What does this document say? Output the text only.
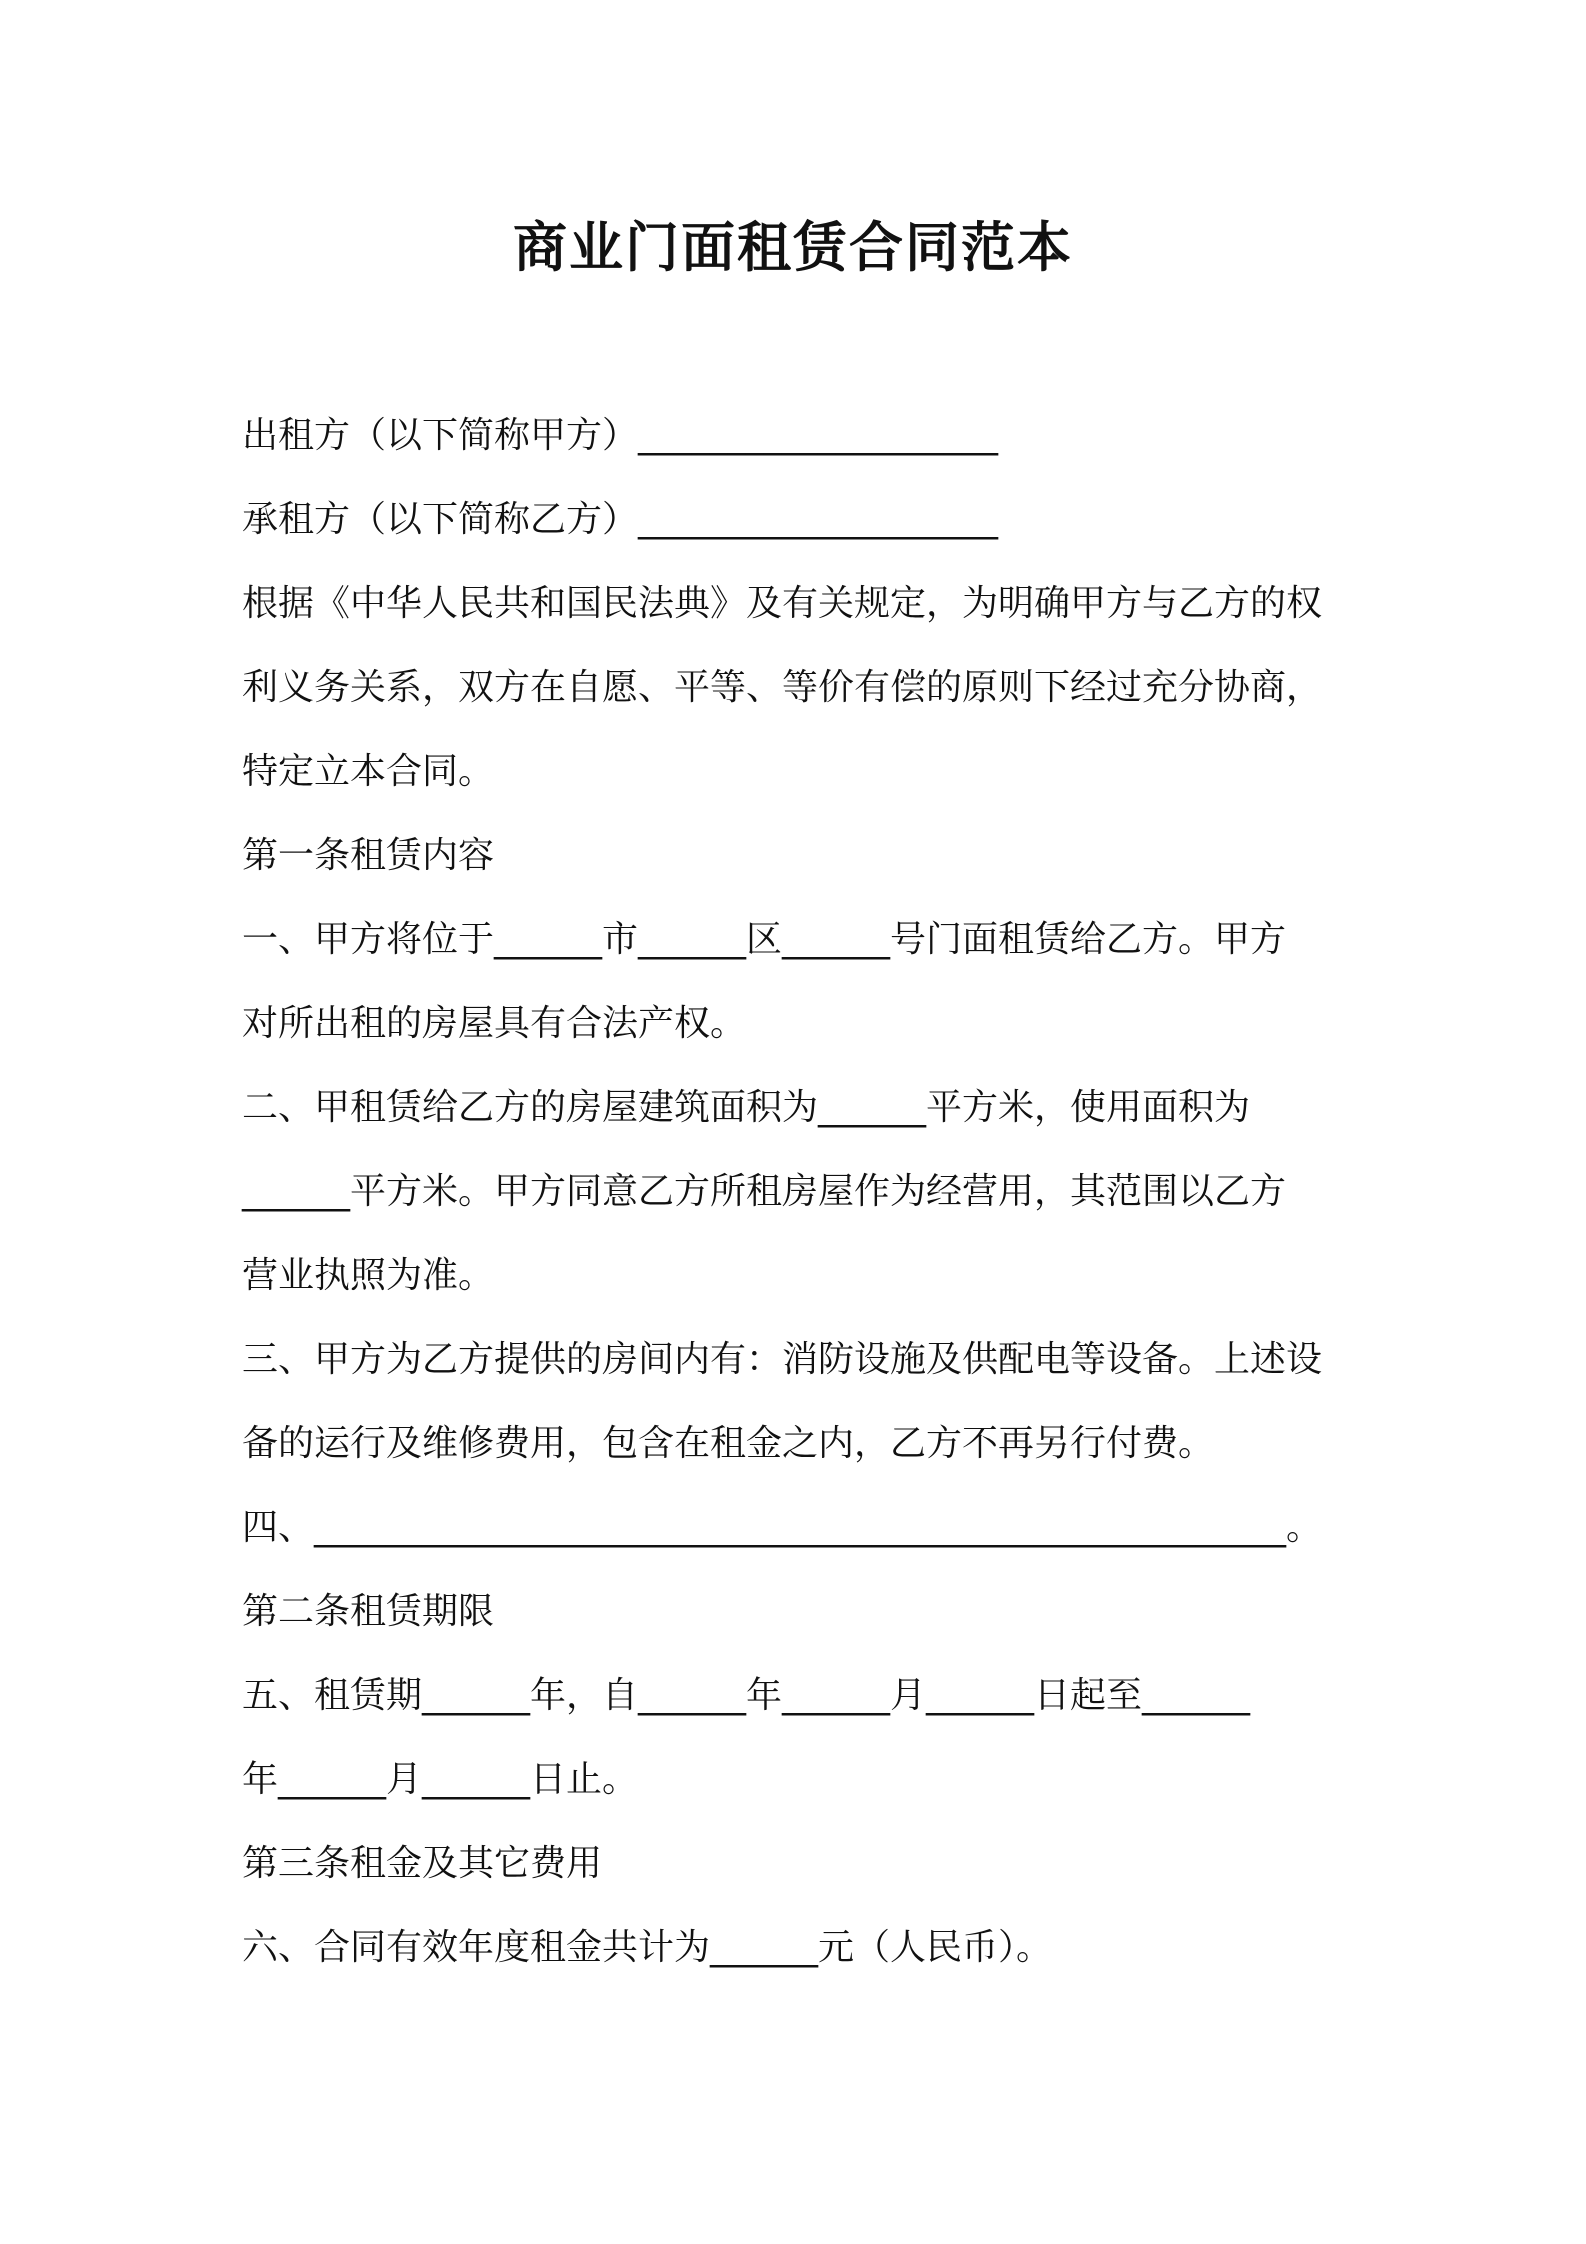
商业门面租赁合同范本

出租方（以下简称甲方）____________________

承租方（以下简称乙方）____________________

根据《中华人民共和国民法典》及有关规定，为明确甲方与乙方的权

利义务关系，双方在自愿、平等、等价有偿的原则下经过充分协商，

特定立本合同。

第一条租赁内容

一、甲方将位于______市______区______号门面租赁给乙方。甲方

对所出租的房屋具有合法产权。

二、甲租赁给乙方的房屋建筑面积为______平方米，使用面积为

______平方米。甲方同意乙方所租房屋作为经营用，其范围以乙方

营业执照为准。

三、甲方为乙方提供的房间内有：消防设施及供配电等设备。上述设

备的运行及维修费用，包含在租金之内，乙方不再另行付费。

四、______________________________________________________。

第二条租赁期限

五、租赁期______年，自______年______月______日起至______

年______月______日止。

第三条租金及其它费用

六、合同有效年度租金共计为______元（人民币）。
